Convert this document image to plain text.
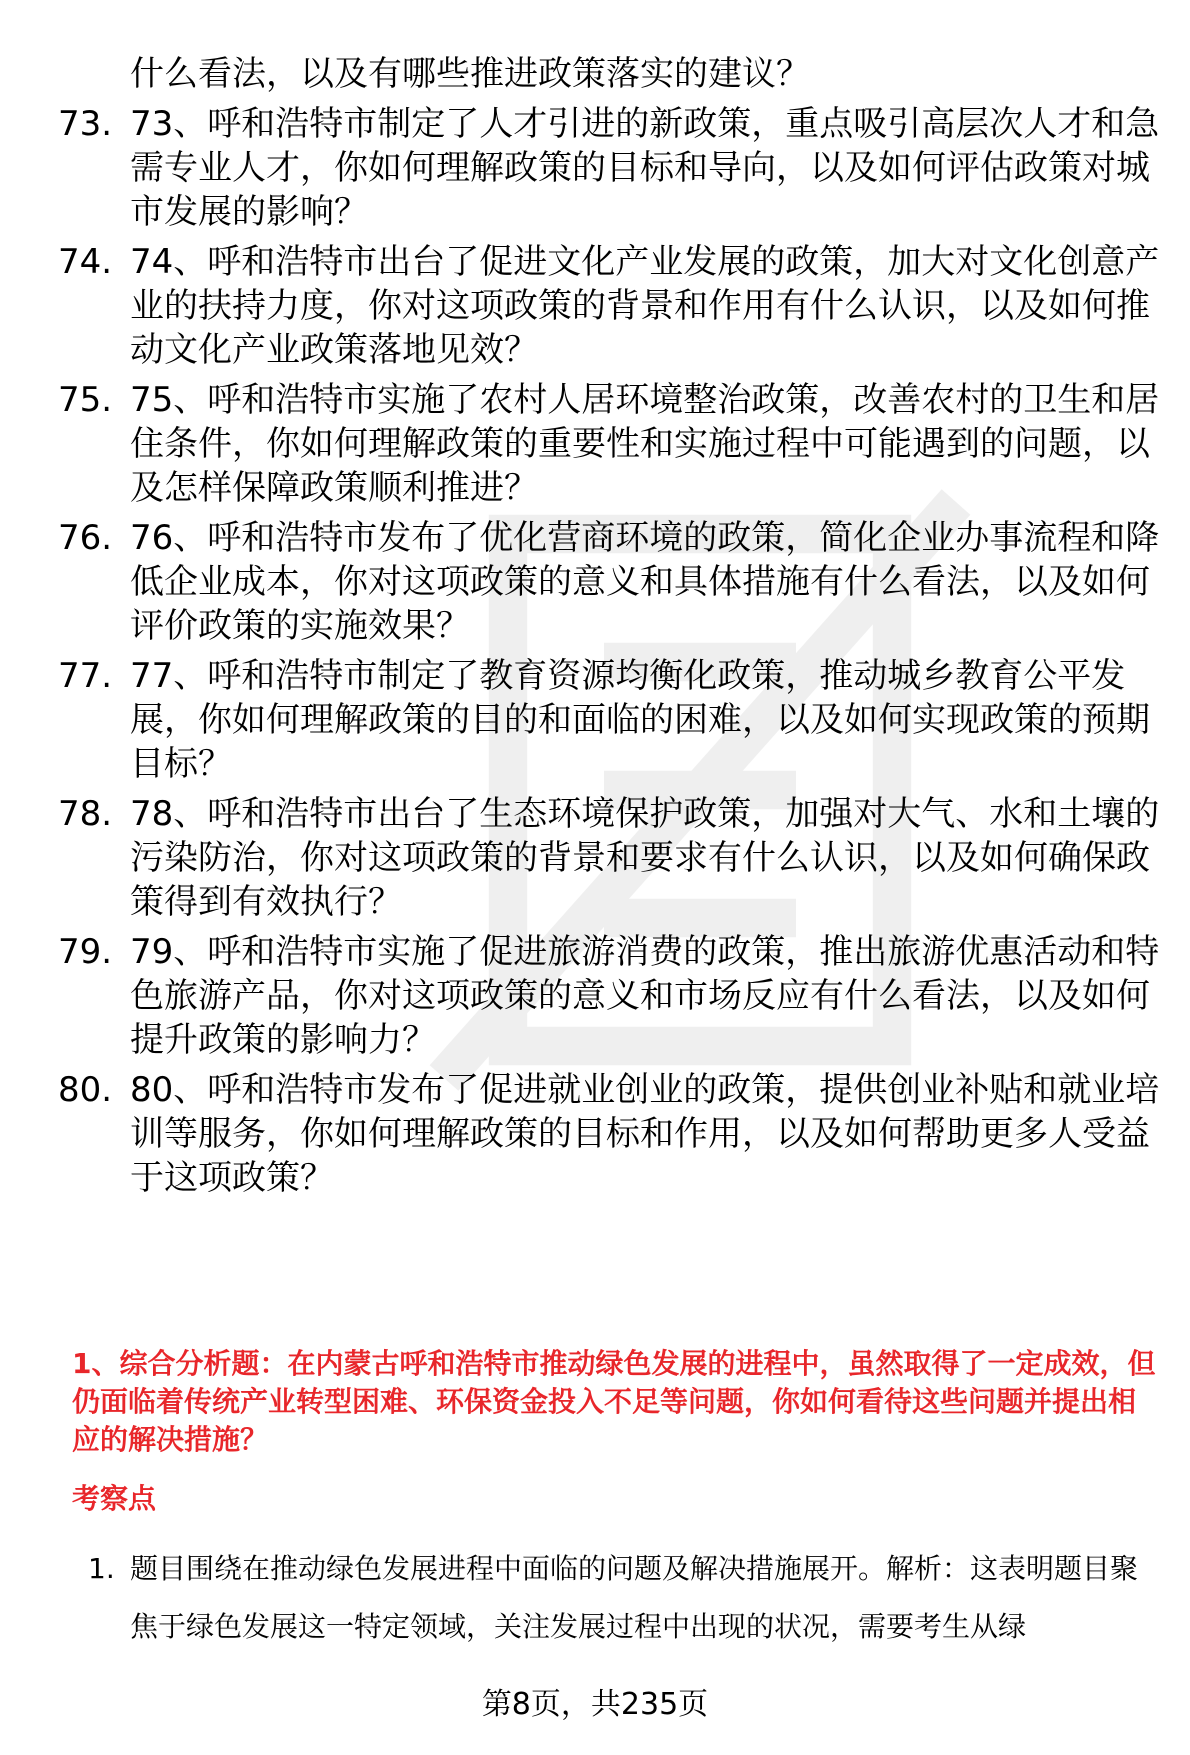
什么看法，以及有哪些推进政策落实的建议？
73. 73、呼和浩特市制定了人才引进的新政策，重点吸引高层次人才和急需专业人才，你如何理解政策的目标和导向，以及如何评估政策对城市发展的影响？
74. 74、呼和浩特市出台了促进文化产业发展的政策，加大对文化创意产业的扶持力度，你对这项政策的背景和作用有什么认识，以及如何推动文化产业政策落地见效？
75. 75、呼和浩特市实施了农村人居环境整治政策，改善农村的卫生和居住条件，你如何理解政策的重要性和实施过程中可能遇到的问题，以及怎样保障政策顺利推进？
76. 76、呼和浩特市发布了优化营商环境的政策，简化企业办事流程和降低企业成本，你对这项政策的意义和具体措施有什么看法，以及如何评价政策的实施效果？
77. 77、呼和浩特市制定了教育资源均衡化政策，推动城乡教育公平发展，你如何理解政策的目的和面临的困难，以及如何实现政策的预期目标？
78. 78、呼和浩特市出台了生态环境保护政策，加强对大气、水和土壤的污染防治，你对这项政策的背景和要求有什么认识，以及如何确保政策得到有效执行？
79. 79、呼和浩特市实施了促进旅游消费的政策，推出旅游优惠活动和特色旅游产品，你对这项政策的意义和市场反应有什么看法，以及如何提升政策的影响力？
80. 80、呼和浩特市发布了促进就业创业的政策，提供创业补贴和就业培训等服务，你如何理解政策的目标和作用，以及如何帮助更多人受益于这项政策？
1、综合分析题：在内蒙古呼和浩特市推动绿色发展的进程中，虽然取得了一定成效，但仍面临着传统产业转型困难、环保资金投入不足等问题，你如何看待这些问题并提出相应的解决措施？
考察点
1. 题目围绕在推动绿色发展进程中面临的问题及解决措施展开。解析：这表明题目聚焦于绿色发展这一特定领域，关注发展过程中出现的状况，需要考生从绿
第8页，共235页
